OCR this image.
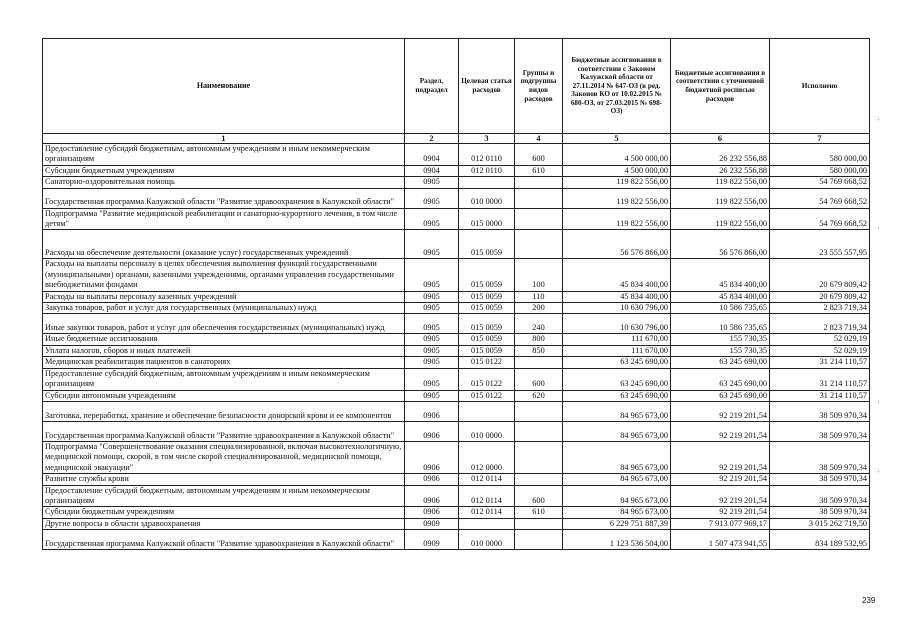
Наименование	Раздел, подраздел	Целевая статья расходов	Группы и подгруппы видов расходов	Бюджетные ассигнования в соответствии с Законом Калужской области от 27.11.2014 № 647-ОЗ (в ред. Законов КО от 10.02.2015 № 680-ОЗ, от 27.03.2015 № 698-ОЗ)	Бюджетные ассигнования в соответствии с уточненной бюджетной росписью расходов	Исполнено
1	2	3	4	5	6	7
Предоставление субсидий бюджетным, автономным учреждениям и иным некоммерческим организациям	0904	012 0110	600	4 500 000,00	26 232 556,88	580 000,00
Субсидии бюджетным учреждениям	0904	012 0110	610	4 500 000,00	26 232 556,88	580 000,00
Санаторно-оздоровительная помощь	0905			119 822 556,00	119 822 556,00	54 769 668,52
Государственная программа Калужской области "Развитие здравоохранения в Калужской области"	0905	010 0000		119 822 556,00	119 822 556,00	54 769 668,52
Подпрограмма "Развитие медицинской реабилитации и санаторно-курортного лечения, в том числе детям"	0905	015 0000		119 822 556,00	119 822 556,00	54 769 668,52
Расходы на обеспечение деятельности (оказание услуг) государственных учреждений	0905	015 0059		56 576 866,00	56 576 866,00	23 555 557,95
Расходы на выплаты персоналу в целях обеспечения выполнения функций государственными (муниципальными) органами, казенными учреждениями, органами управления государственными внебюджетными фондами	0905	015 0059	100	45 834 400,00	45 834 400,00	20 679 809,42
Расходы на выплаты персоналу казенных учреждений	0905	015 0059	110	45 834 400,00	45 834 400,00	20 679 809,42
Закупка товаров, работ и услуг для государственных (муниципальных) нужд	0905	015 0059	200	10 630 796,00	10 586 735,65	2 823 719,34
Иные закупки товаров, работ и услуг для обеспечения государственных (муниципальных) нужд	0905	015 0059	240	10 630 796,00	10 586 735,65	2 823 719,34
Иные бюджетные ассигнования	0905	015 0059	800	111 670,00	155 730,35	52 029,19
Уплата налогов, сборов и иных платежей	0905	015 0059	850	111 670,00	155 730,35	52 029,19
Медицинская реабилитация пациентов в санаториях	0905	015 0122		63 245 690,00	63 245 690,00	31 214 110,57
Предоставление субсидий бюджетным, автономным учреждениям и иным некоммерческим организациям	0905	015 0122	600	63 245 690,00	63 245 690,00	31 214 110,57
Субсидии автономным учреждениям	0905	015 0122	620	63 245 690,00	63 245 690,00	31 214 110,57
Заготовка, переработка, хранение и обеспечение безопасности донорской крови и ее компонентов	0906			84 965 673,00	92 219 201,54	38 509 970,34
Государственная программа Калужской области "Развитие здравоохранения в Калужской области"	0906	010 0000		84 965 673,00	92 219 201,54	38 509 970,34
Подпрограмма "Совершенствование оказания специализированной, включая высокотехнологичную, медицинской помощи, скорой, в том числе скорой специализированной, медицинской помощи, медицинской эвакуации"	0906	012 0000		84 965 673,00	92 219 201,54	38 509 970,34
Развитие службы крови	0906	012 0114		84 965 673,00	92 219 201,54	38 509 970,34
Предоставление субсидий бюджетным, автономным учреждениям и иным некоммерческим организациям	0906	012 0114	600	84 965 673,00	92 219 201,54	38 509 970,34
Субсидии бюджетным учреждениям	0906	012 0114	610	84 965 673,00	92 219 201,54	38 509 970,34
Другие вопросы в области здравоохранения	0909			6 229 751 887,39	7 913 077 969,17	3 015 262 719,50
Государственная программа Калужской области "Развитие здравоохранения в Калужской области"	0909	010 0000		1 123 536 504,00	1 507 473 941,55	834 189 532,95
'
'
'
'
239
